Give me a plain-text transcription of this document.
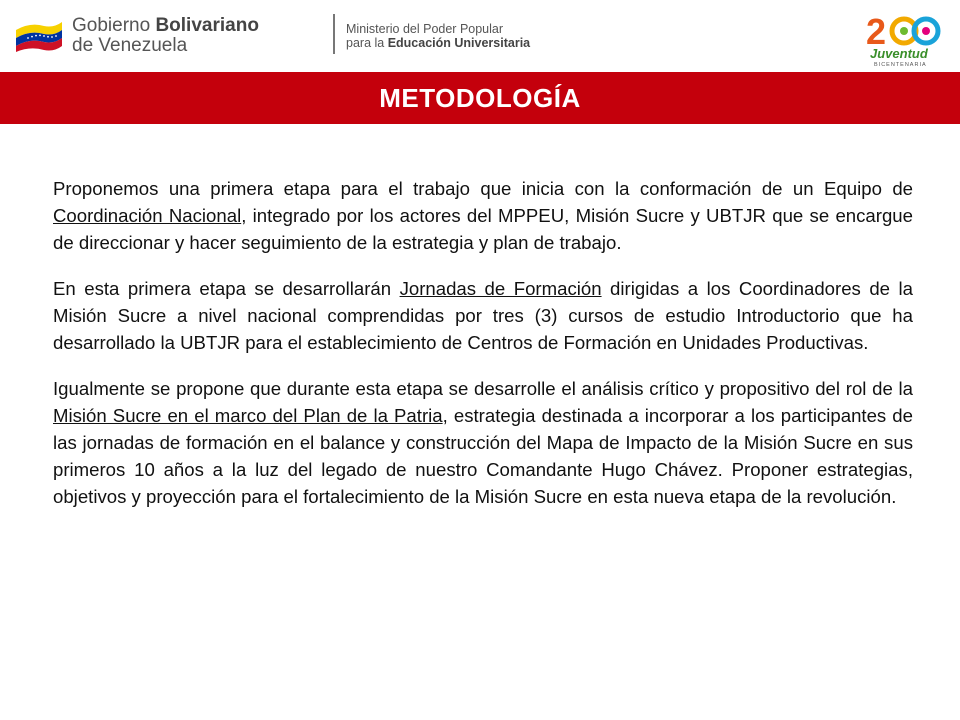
Gobierno Bolivariano
de Venezuela
Ministerio del Poder Popular
para la Educación Universitaria	2
Juventud
BICENTENARIA
METODOLOGÍA

Proponemos una primera etapa para el trabajo que inicia con la conformación de un Equipo de Coordinación Nacional, integrado por los actores del MPPEU, Misión Sucre y UBTJR que se encargue de direccionar y hacer seguimiento de la estrategia y plan de trabajo.

En esta primera etapa se desarrollarán Jornadas de Formación dirigidas a los Coordinadores de la Misión Sucre a nivel nacional comprendidas por tres (3) cursos de estudio Introductorio que ha desarrollado la UBTJR para el establecimiento de Centros de Formación en Unidades Productivas.

Igualmente se propone que durante esta etapa se desarrolle el análisis crítico y propositivo del rol de la Misión Sucre en el marco del Plan de la Patria, estrategia destinada a incorporar a los participantes de las jornadas de formación en el balance y construcción del Mapa de Impacto de la Misión Sucre en sus primeros 10 años a la luz del legado de nuestro Comandante Hugo Chávez. Proponer estrategias, objetivos y proyección para el fortalecimiento de la Misión Sucre en esta nueva etapa de la revolución.
